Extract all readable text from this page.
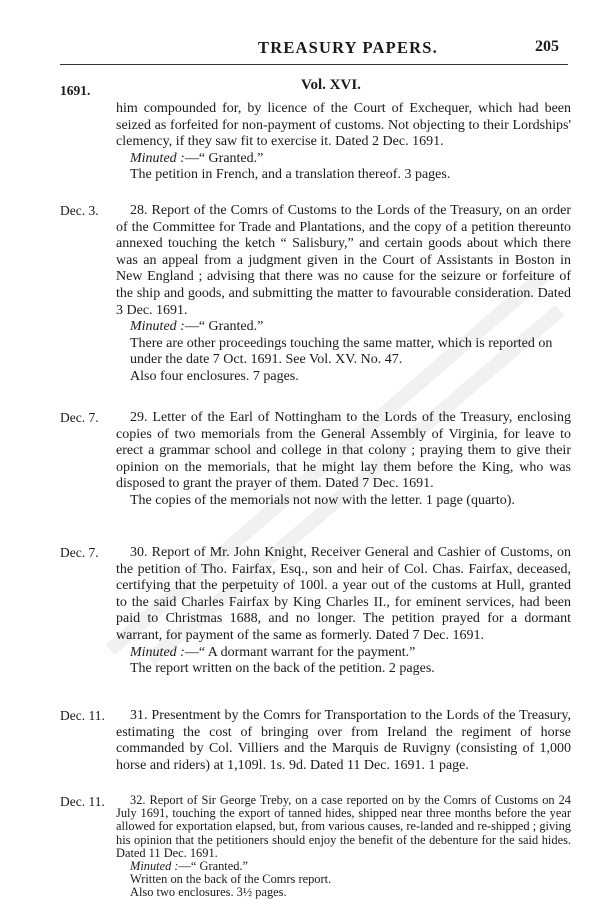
TREASURY PAPERS.	205
1691.	Vol. XVI.
him compounded for, by licence of the Court of Exchequer, which had been seized as forfeited for non-payment of customs. Not objecting to their Lordships' clemency, if they saw fit to exercise it. Dated 2 Dec. 1691.
Minuted :—“ Granted.”
The petition in French, and a translation thereof. 3 pages.
Dec. 3.	28. Report of the Comrs of Customs to the Lords of the Treasury, on an order of the Committee for Trade and Plantations, and the copy of a petition thereunto annexed touching the ketch “ Salisbury,” and certain goods about which there was an appeal from a judgment given in the Court of Assistants in Boston in New England ; advising that there was no cause for the seizure or forfeiture of the ship and goods, and submitting the matter to favourable consideration. Dated 3 Dec. 1691.
Minuted :—“ Granted.”
There are other proceedings touching the same matter, which is reported on under the date 7 Oct. 1691. See Vol. XV. No. 47.
Also four enclosures. 7 pages.
Dec. 7.	29. Letter of the Earl of Nottingham to the Lords of the Treasury, enclosing copies of two memorials from the General Assembly of Virginia, for leave to erect a grammar school and college in that colony ; praying them to give their opinion on the memorials, that he might lay them before the King, who was disposed to grant the prayer of them. Dated 7 Dec. 1691.
The copies of the memorials not now with the letter. 1 page (quarto).
Dec. 7.	30. Report of Mr. John Knight, Receiver General and Cashier of Customs, on the petition of Tho. Fairfax, Esq., son and heir of Col. Chas. Fairfax, deceased, certifying that the perpetuity of 100l. a year out of the customs at Hull, granted to the said Charles Fairfax by King Charles II., for eminent services, had been paid to Christmas 1688, and no longer. The petition prayed for a dormant warrant, for payment of the same as formerly. Dated 7 Dec. 1691.
Minuted :—“ A dormant warrant for the payment.”
The report written on the back of the petition. 2 pages.
Dec. 11.	31. Presentment by the Comrs for Transportation to the Lords of the Treasury, estimating the cost of bringing over from Ireland the regiment of horse commanded by Col. Villiers and the Marquis de Ruvigny (consisting of 1,000 horse and riders) at 1,109l. 1s. 9d. Dated 11 Dec. 1691. 1 page.
Dec. 11.	32. Report of Sir George Treby, on a case reported on by the Comrs of Customs on 24 July 1691, touching the export of tanned hides, shipped near three months before the year allowed for exportation elapsed, but, from various causes, re-landed and re-shipped ; giving his opinion that the petitioners should enjoy the benefit of the debenture for the said hides. Dated 11 Dec. 1691.
Minuted :—“ Granted.”
Written on the back of the Comrs report.
Also two enclosures. 3½ pages.
